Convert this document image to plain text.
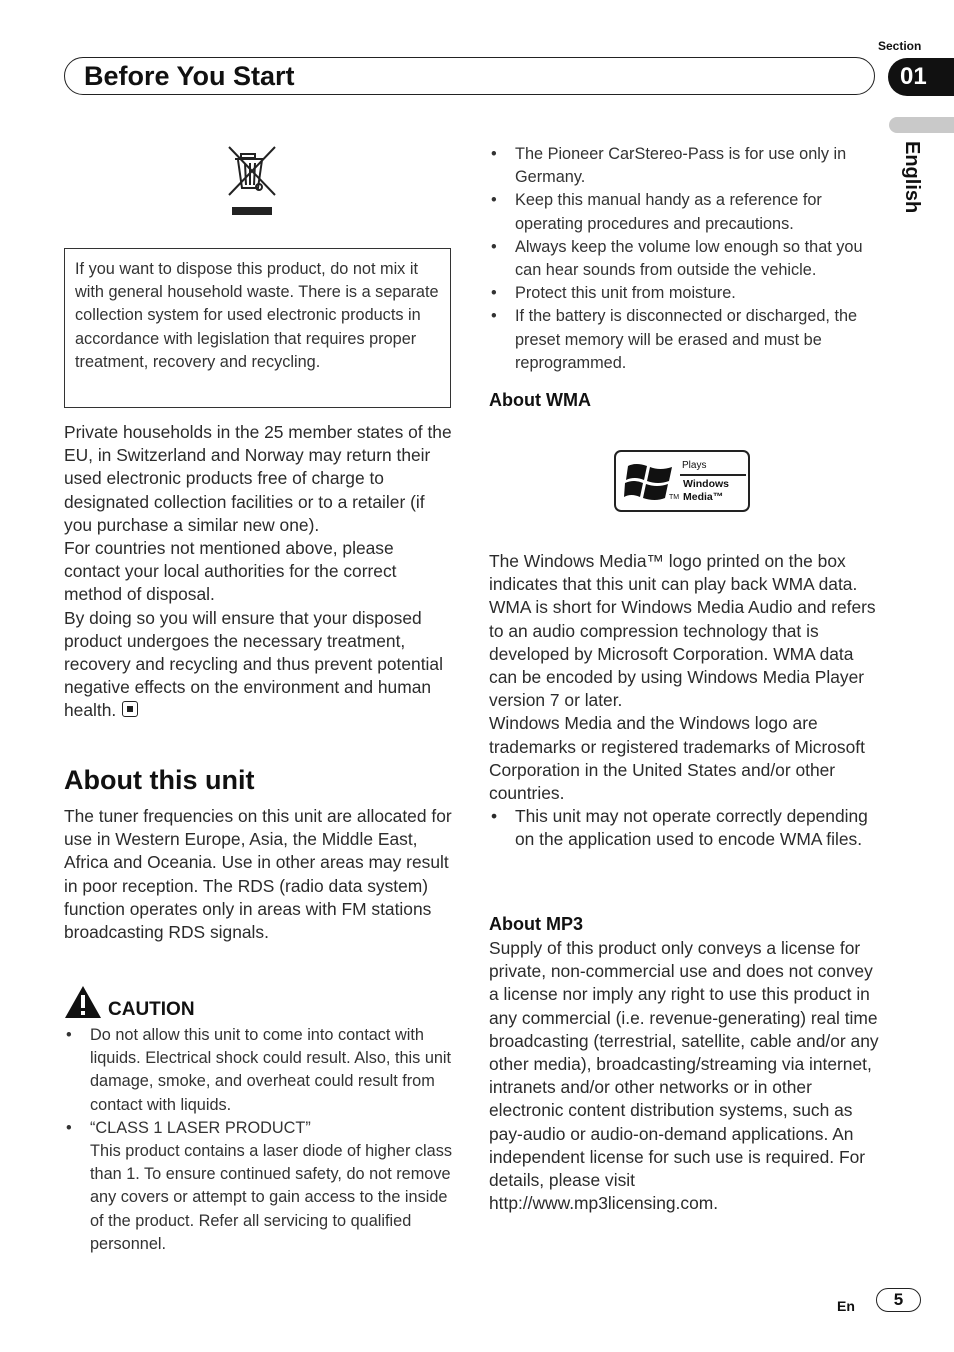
Section
01
Before You Start
English
If you want to dispose this product, do not mix it with general household waste. There is a separate collection system for used electronic products in accordance with legislation that requires proper treatment, recovery and recycling.
Private households in the 25 member states of the EU, in Switzerland and Norway may return their used electronic products free of charge to designated collection facilities or to a retailer (if you purchase a similar new one).
For countries not mentioned above, please contact your local authorities for the correct method of disposal.
By doing so you will ensure that your disposed product undergoes the necessary treatment, recovery and recycling and thus prevent potential negative effects on the environment and human health.
About this unit
The tuner frequencies on this unit are allocated for use in Western Europe, Asia, the Middle East, Africa and Oceania. Use in other areas may result in poor reception. The RDS (radio data system) function operates only in areas with FM stations broadcasting RDS signals.
CAUTION
• Do not allow this unit to come into contact with liquids. Electrical shock could result. Also, this unit damage, smoke, and overheat could result from contact with liquids.
• “CLASS 1 LASER PRODUCT”
This product contains a laser diode of higher class than 1. To ensure continued safety, do not remove any covers or attempt to gain access to the inside of the product. Refer all servicing to qualified personnel.
• The Pioneer CarStereo-Pass is for use only in Germany.
• Keep this manual handy as a reference for operating procedures and precautions.
• Always keep the volume low enough so that you can hear sounds from outside the vehicle.
• Protect this unit from moisture.
• If the battery is disconnected or discharged, the preset memory will be erased and must be reprogrammed.
About WMA
TM
Plays
Windows
Media™
The Windows Media™ logo printed on the box indicates that this unit can play back WMA data.
WMA is short for Windows Media Audio and refers to an audio compression technology that is developed by Microsoft Corporation. WMA data can be encoded by using Windows Media Player version 7 or later.
Windows Media and the Windows logo are trademarks or registered trademarks of Microsoft Corporation in the United States and/or other countries.
• This unit may not operate correctly depending on the application used to encode WMA files.
About MP3
Supply of this product only conveys a license for private, non-commercial use and does not convey a license nor imply any right to use this product in any commercial (i.e. revenue-generating) real time broadcasting (terrestrial, satellite, cable and/or any other media), broadcasting/streaming via internet, intranets and/or other networks or in other electronic content distribution systems, such as pay-audio or audio-on-demand applications. An independent license for such use is required. For details, please visit
http://www.mp3licensing.com.
En	5
